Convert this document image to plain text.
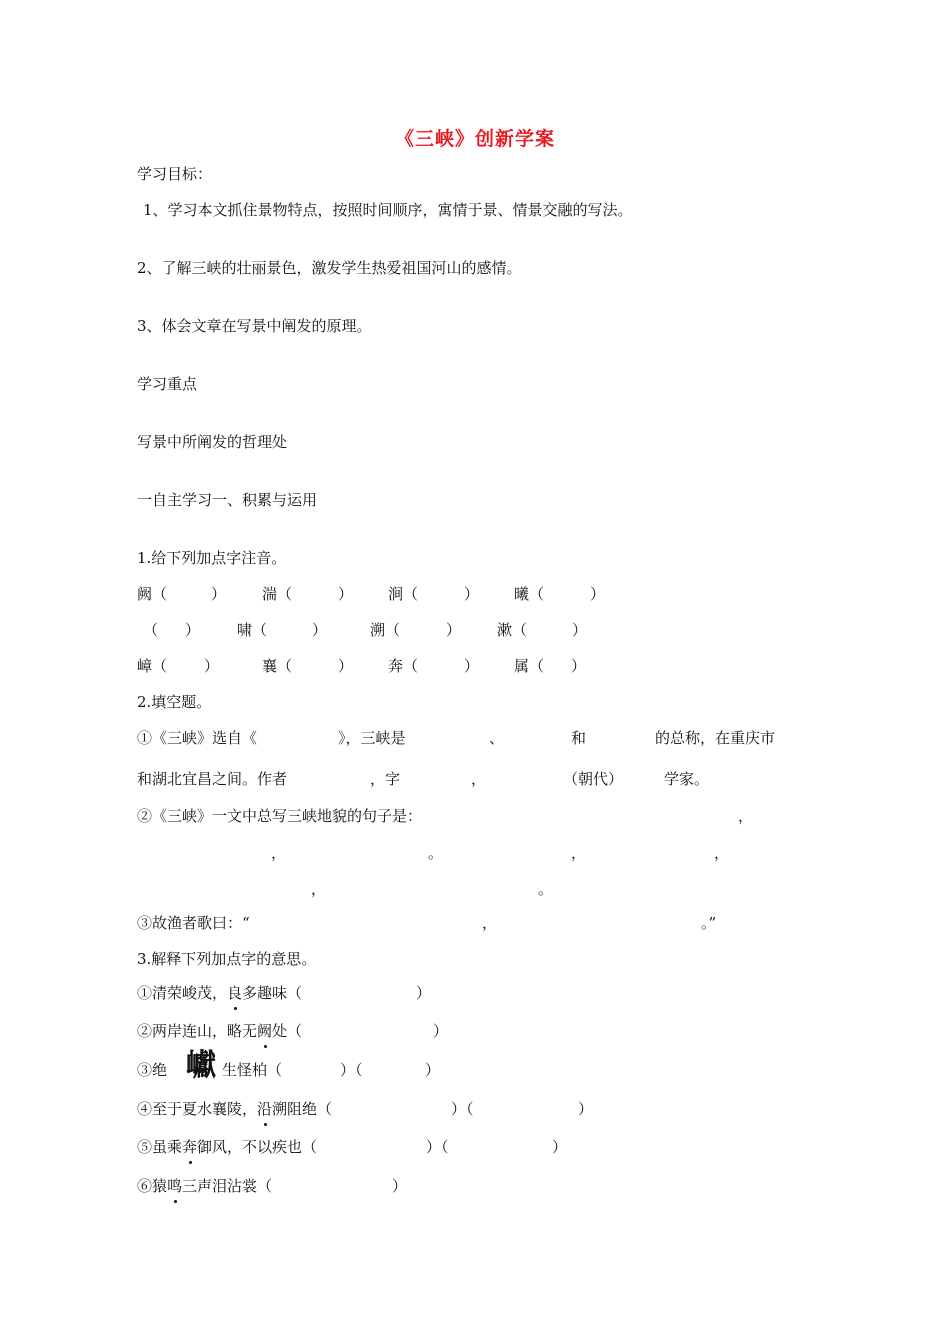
《三峡》创新学案
学习目标：
1、学习本文抓住景物特点，按照时间顺序，寓情于景、情景交融的写法。
2、了解三峡的壮丽景色，激发学生热爱祖国河山的感情。
3、体会文章在写景中阐发的原理。
学习重点
写景中所阐发的哲理处
一自主学习一、积累与运用
1.给下列加点字注音。
阙（	） 湍（	） 涧（	） 曦（	）
（ ） 啸（	）	溯（	） 漱（	）
嶂（ ）	襄（	） 奔（	） 属（ ）
2.填空题。
①《三峡》选自《	》，三峡是	、	和	的总称，在重庆市
和湖北宜昌之间。作者	，字	，	（朝代）	学家。
②《三峡》一文中总写三峡地貌的句子是：	，
，	。	，	，
，	。
③故渔者歌曰：“	，	。”
3.解释下列加点字的意思。
①清荣峻茂，良多趣味（	）
②两岸连山，略无阙处（	）
③绝 巘 生怪柏（	）（	）
④至于夏水襄陵，沿溯阻绝（	）（	）
⑤虽乘奔御风，不以疾也（	）（	）
⑥猿鸣三声泪沾裳（	）
